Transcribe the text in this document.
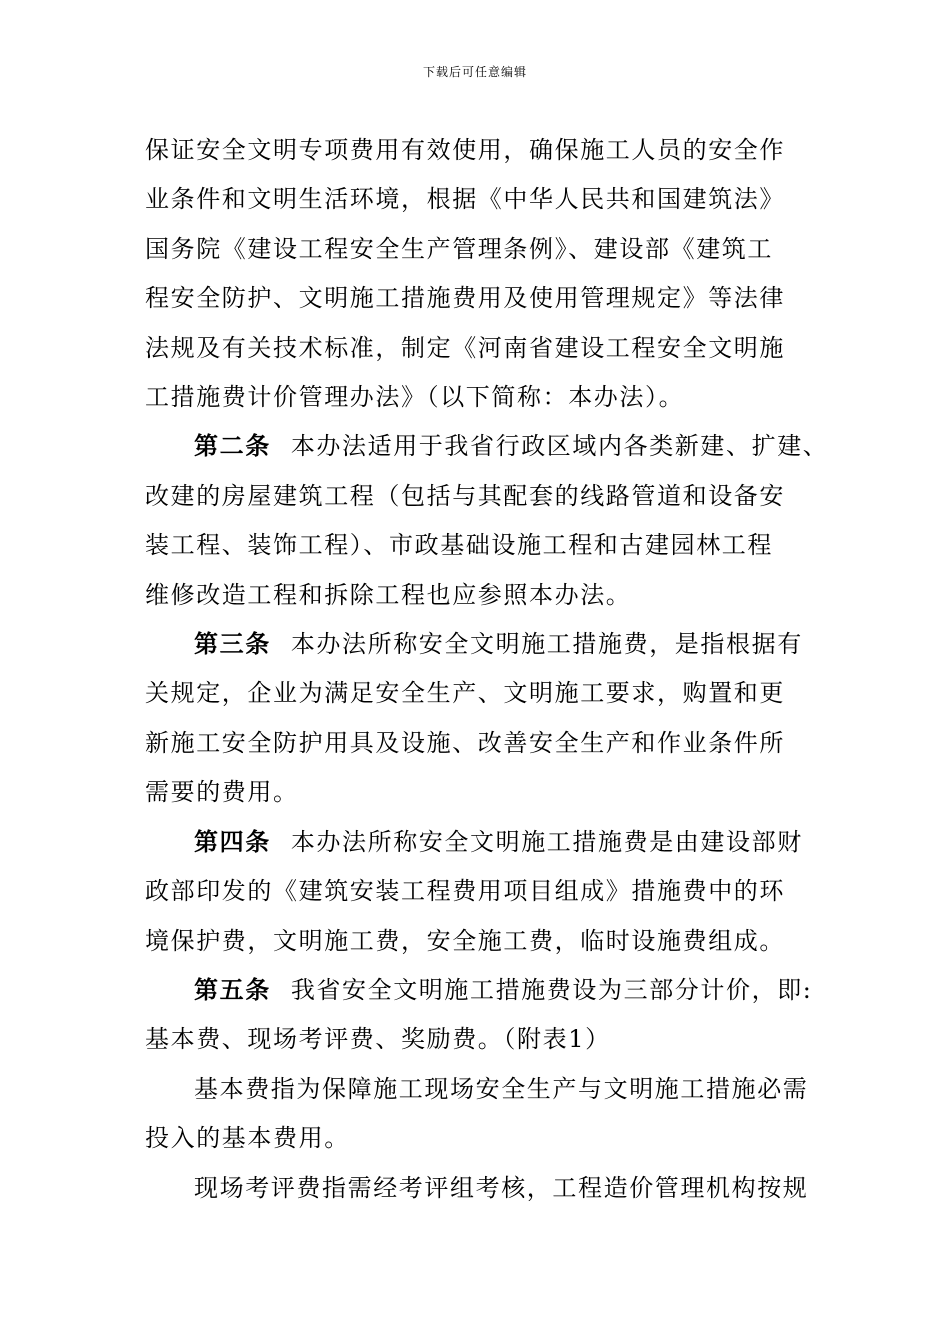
下载后可任意编辑

保证安全文明专项费用有效使用，确保施工人员的安全作

业条件和文明生活环境，根据《中华人民共和国建筑法》

国务院《建设工程安全生产管理条例》、建设部《建筑工

程安全防护、文明施工措施费用及使用管理规定》等法律

法规及有关技术标准，制定《河南省建设工程安全文明施

工措施费计价管理办法》（以下简称：本办法）。

第二条 本办法适用于我省行政区域内各类新建、扩建、

改建的房屋建筑工程（包括与其配套的线路管道和设备安

装工程、装饰工程）、市政基础设施工程和古建园林工程

维修改造工程和拆除工程也应参照本办法。

第三条 本办法所称安全文明施工措施费，是指根据有

关规定，企业为满足安全生产、文明施工要求，购置和更

新施工安全防护用具及设施、改善安全生产和作业条件所

需要的费用。

第四条 本办法所称安全文明施工措施费是由建设部财

政部印发的《建筑安装工程费用项目组成》措施费中的环

境保护费，文明施工费，安全施工费，临时设施费组成。

第五条 我省安全文明施工措施费设为三部分计价，即:

基本费、现场考评费、奖励费。（附表1）

基本费指为保障施工现场安全生产与文明施工措施必需

投入的基本费用。

现场考评费指需经考评组考核，工程造价管理机构按规
